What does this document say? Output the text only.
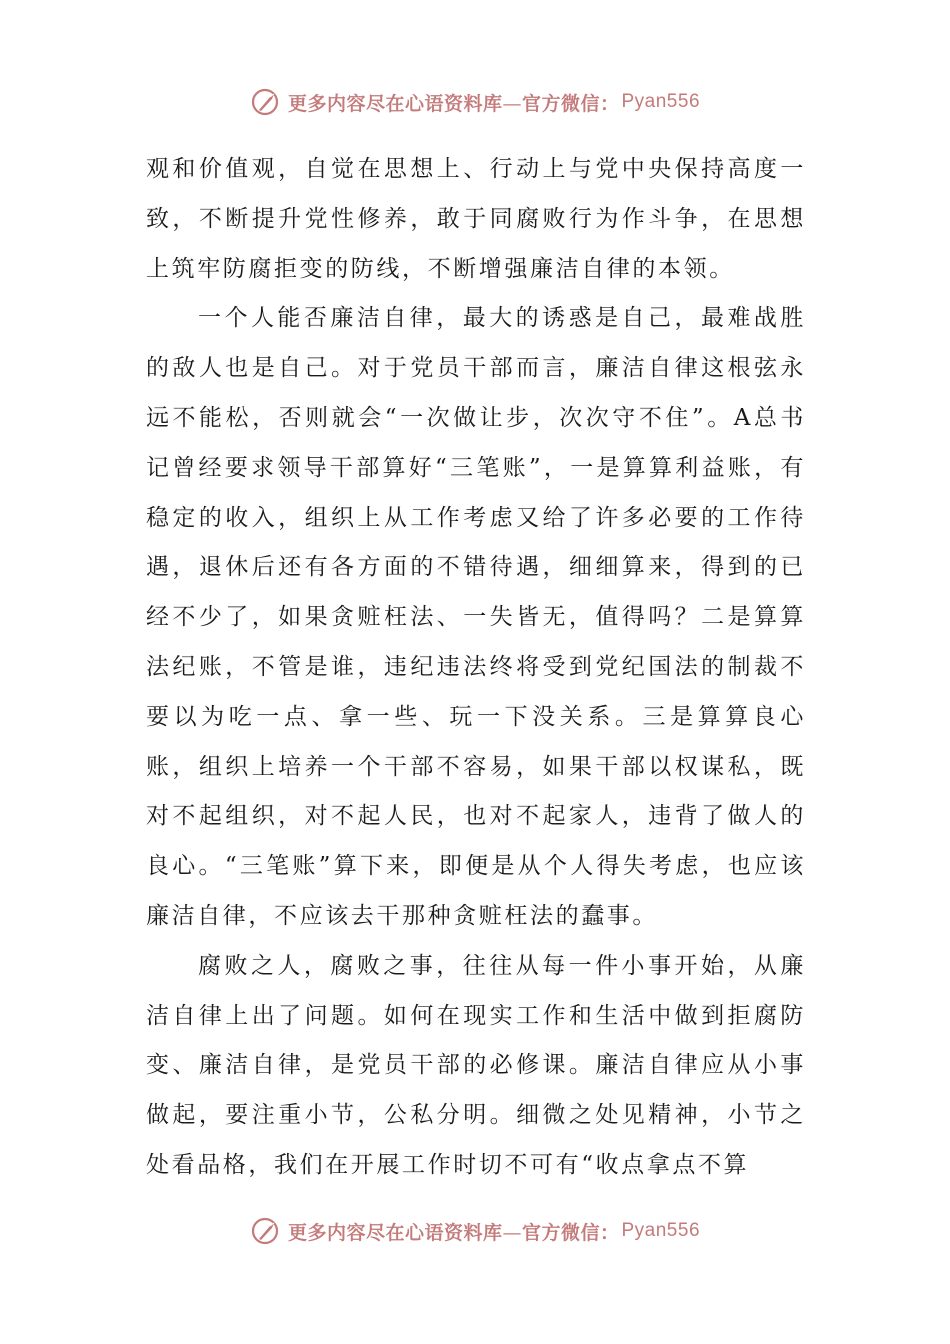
更多内容尽在心语资料库—官方微信： Pyan556

观和价值观，自觉在思想上、行动上与党中央保持高度一致，不断提升党性修养，敢于同腐败行为作斗争，在思想上筑牢防腐拒变的防线，不断增强廉洁自律的本领。

一个人能否廉洁自律，最大的诱惑是自己，最难战胜的敌人也是自己。对于党员干部而言，廉洁自律这根弦永远不能松，否则就会“一次做让步，次次守不住”。A总书记曾经要求领导干部算好“三笔账”，一是算算利益账，有稳定的收入，组织上从工作考虑又给了许多必要的工作待遇，退休后还有各方面的不错待遇，细细算来，得到的已经不少了，如果贪赃枉法、一失皆无，值得吗？二是算算法纪账，不管是谁，违纪违法终将受到党纪国法的制裁不要以为吃一点、拿一些、玩一下没关系。三是算算良心账，组织上培养一个干部不容易，如果干部以权谋私，既对不起组织，对不起人民，也对不起家人，违背了做人的良心。“三笔账”算下来，即便是从个人得失考虑，也应该廉洁自律，不应该去干那种贪赃枉法的蠢事。

腐败之人，腐败之事，往往从每一件小事开始，从廉洁自律上出了问题。如何在现实工作和生活中做到拒腐防变、廉洁自律，是党员干部的必修课。廉洁自律应从小事做起，要注重小节，公私分明。细微之处见精神，小节之处看品格，我们在开展工作时切不可有“收点拿点不算

更多内容尽在心语资料库—官方微信： Pyan556
